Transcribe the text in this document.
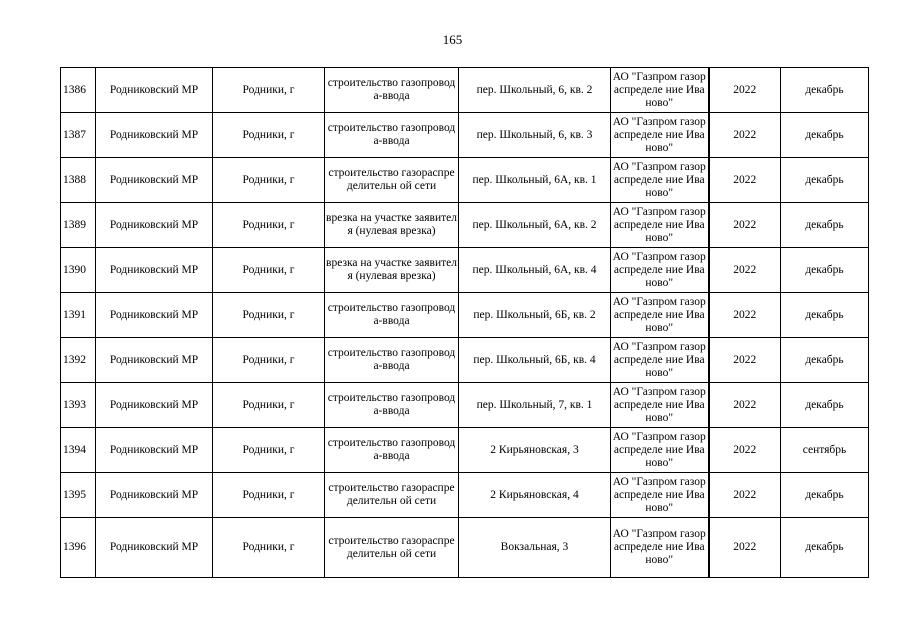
165
1386	Родниковский МР	Родники, г	строительство газопровода-ввода	пер. Школьный, 6, кв. 2	АО "Газпром газораспределе ние Иваново"	2022	декабрь
1387	Родниковский МР	Родники, г	строительство газопровода-ввода	пер. Школьный, 6, кв. 3	АО "Газпром газораспределе ние Иваново"	2022	декабрь
1388	Родниковский МР	Родники, г	строительство газораспределительн ой сети	пер. Школьный, 6А, кв. 1	АО "Газпром газораспределе ние Иваново"	2022	декабрь
1389	Родниковский МР	Родники, г	врезка на участке заявителя (нулевая врезка)	пер. Школьный, 6А, кв. 2	АО "Газпром газораспределе ние Иваново"	2022	декабрь
1390	Родниковский МР	Родники, г	врезка на участке заявителя (нулевая врезка)	пер. Школьный, 6А, кв. 4	АО "Газпром газораспределе ние Иваново"	2022	декабрь
1391	Родниковский МР	Родники, г	строительство газопровода-ввода	пер. Школьный, 6Б, кв. 2	АО "Газпром газораспределе ние Иваново"	2022	декабрь
1392	Родниковский МР	Родники, г	строительство газопровода-ввода	пер. Школьный, 6Б, кв. 4	АО "Газпром газораспределе ние Иваново"	2022	декабрь
1393	Родниковский МР	Родники, г	строительство газопровода-ввода	пер. Школьный, 7, кв. 1	АО "Газпром газораспределе ние Иваново"	2022	декабрь
1394	Родниковский МР	Родники, г	строительство газопровода-ввода	2 Кирьяновская, 3	АО "Газпром газораспределе ние Иваново"	2022	сентябрь
1395	Родниковский МР	Родники, г	строительство газораспределительн ой сети	2 Кирьяновская, 4	АО "Газпром газораспределе ние Иваново"	2022	декабрь
1396	Родниковский МР	Родники, г	строительство газораспределительн ой сети	Вокзальная, 3	АО "Газпром газораспределе ние Иваново"	2022	декабрь
